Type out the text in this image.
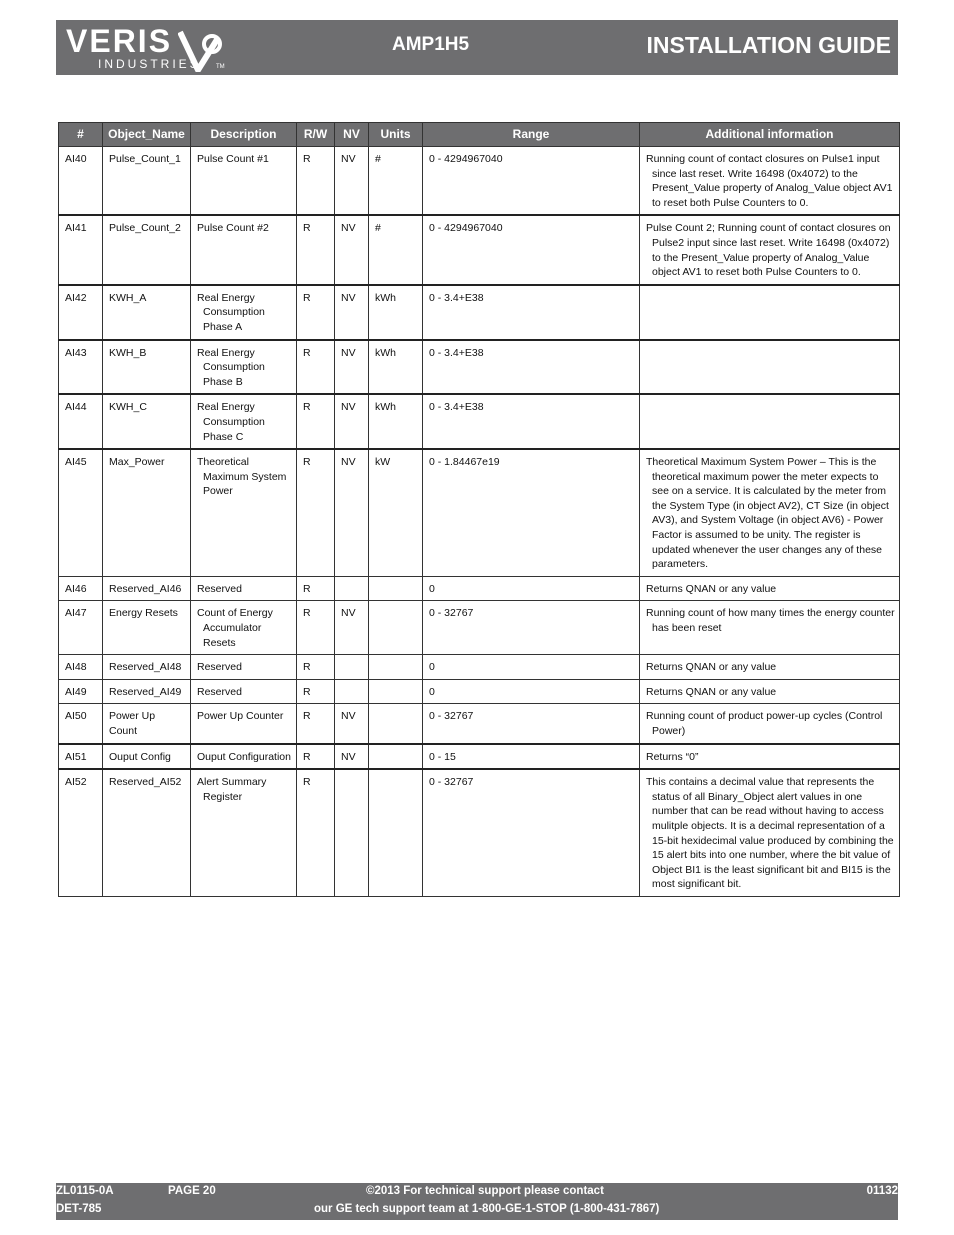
VERIS
INDUSTRIES	TM
AMP1H5	INSTALLATION GUIDE
#	Object_Name	Description	R/W	NV	Units	Range	Additional information
AI40	Pulse_Count_1	Pulse Count #1	R	NV	#	0 - 4294967040	Running count of contact closures on Pulse1 input since last reset. Write 16498 (0x4072) to the Present_Value property of Analog_Value object AV1 to reset both Pulse Counters to 0.

AI41	Pulse_Count_2	Pulse Count #2	R	NV	#	0 - 4294967040	Pulse Count 2; Running count of contact closures on Pulse2 input since last reset. Write 16498 (0x4072) to the Present_Value property of Analog_Value object AV1 to reset both Pulse Counters to 0.

AI42	KWH_A	Real Energy Consumption Phase A	R	NV	kWh	0 - 3.4+E38	

AI43	KWH_B	Real Energy Consumption Phase B	R	NV	kWh	0 - 3.4+E38	

AI44	KWH_C	Real Energy Consumption Phase C	R	NV	kWh	0 - 3.4+E38	

AI45	Max_Power	Theoretical Maximum System Power	R	NV	kW	0 - 1.84467e19	Theoretical Maximum System Power – This is the theoretical maximum power the meter expects to see on a service. It is calculated by the meter from the System Type (in object AV2), CT Size (in object AV3), and System Voltage (in object AV6) - Power Factor is assumed to be unity. The register is updated whenever the user changes any of these parameters.

AI46	Reserved_AI46	Reserved	R			0	Returns QNAN or any value

AI47	Energy Resets	Count of Energy Accumulator Resets	R	NV		0 - 32767	Running count of how many times the energy counter has been reset

AI48	Reserved_AI48	Reserved	R			0	Returns QNAN or any value

AI49	Reserved_AI49	Reserved	R			0	Returns QNAN or any value

AI50	Power Up Count	Power Up Counter	R	NV		0 - 32767	Running count of product power-up cycles (Control Power)

AI51	Ouput Config	Ouput Configuration	R	NV		0 - 15	Returns “0”

AI52	Reserved_AI52	Alert Summary Register	R			0 - 32767	This contains a decimal value that represents the status of all Binary_Object alert values in one number that can be read without having to access mulitple objects. It is a decimal representation of a 15-bit hexidecimal value produced by combining the 15 alert bits into one number, where the bit value of Object BI1 is the least significant bit and BI15 is the most significant bit.
ZL0115-0A
DET-785
PAGE 20	©2013 For technical support please contact
our GE tech support team at 1-800-GE-1-STOP (1-800-431-7867)
01132
